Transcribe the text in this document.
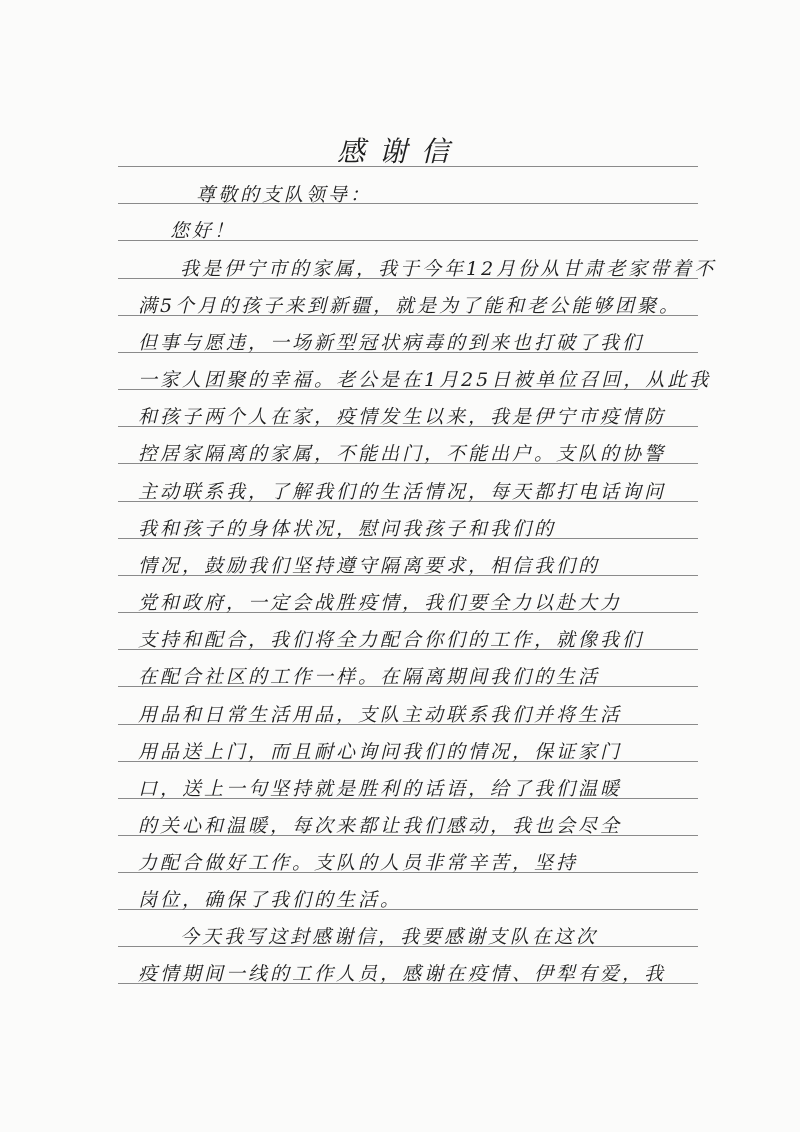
感谢信
尊敬的支队领导：
您好！
我是伊宁市的家属，我于今年12月份从甘肃老家带着不
满5个月的孩子来到新疆，就是为了能和老公能够团聚。
但事与愿违，一场新型冠状病毒的到来也打破了我们
一家人团聚的幸福。老公是在1月25日被单位召回，从此我
和孩子两个人在家，疫情发生以来，我是伊宁市疫情防
控居家隔离的家属，不能出门，不能出户。支队的协警
主动联系我，了解我们的生活情况，每天都打电话询问
我和孩子的身体状况，慰问我孩子和我们的
情况，鼓励我们坚持遵守隔离要求，相信我们的
党和政府，一定会战胜疫情，我们要全力以赴大力
支持和配合，我们将全力配合你们的工作，就像我们
在配合社区的工作一样。在隔离期间我们的生活
用品和日常生活用品，支队主动联系我们并将生活
用品送上门，而且耐心询问我们的情况，保证家门
口，送上一句坚持就是胜利的话语，给了我们温暖
的关心和温暖，每次来都让我们感动，我也会尽全
力配合做好工作。支队的人员非常辛苦，坚持
岗位，确保了我们的生活。
今天我写这封感谢信，我要感谢支队在这次
疫情期间一线的工作人员，感谢在疫情、伊犁有爱，我
